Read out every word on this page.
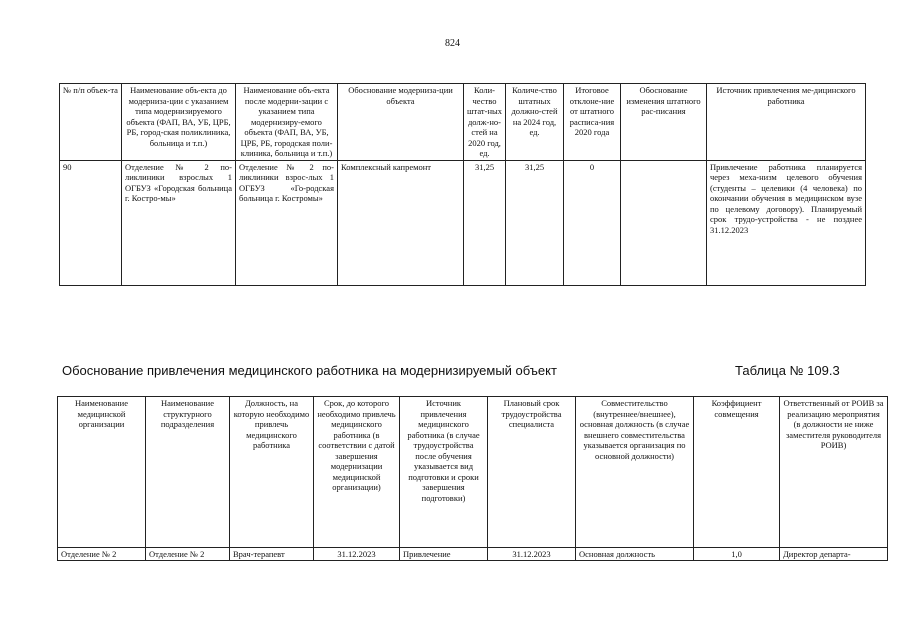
824
№ п/п объек-та	Наименование объ-екта до модерниза-ции с указанием типа модернизируемого объекта (ФАП, ВА, УБ, ЦРБ, РБ, город-ская поликлиника, больница и т.п.)	Наименование объ-екта после модерни-зации с указанием типа модернизиру-емого объекта (ФАП, ВА, УБ, ЦРБ, РБ, городская поли-клиника, больница и т.п.)	Обоснование модерниза-ции объекта	Коли-чество штат-ных долж-но-стей на 2020 год, ед.	Количе-ство штатных должно-стей на 2024 год, ед.	Итоговое отклоне-ние от штатного расписа-ния 2020 года	Обоснование изменения штатного рас-писания	Источник привлечения ме-дицинского работника
90	Отделение № 2 по-ликлиники взрослых 1 ОГБУЗ «Городская больница г. Костро-мы»	Отделение № 2 по-ликлиники взрос-лых 1 ОГБУЗ «Го-родская больница г. Костромы»	Комплексный капремонт	31,25	31,25	0		Привлечение работника планируется через меха-низм целевого обучения (студенты – целевики (4 человека) по окончании обучения в медицинском вузе по целевому договору). Планируемый срок трудо-устройства - не позднее 31.12.2023
Обоснование привлечения медицинского работника на модернизируемый объект	Таблица № 109.3
Наименование медицинской организации	Наименование структурного подразделения	Должность, на которую необходимо привлечь медицинского работника	Срок, до которого необходимо привлечь медицинского работника (в соответствии с датой завершения модернизации медицинской организации)	Источник привлечения медицинского работника (в случае трудоустройства после обучения указывается вид подготовки и сроки завершения подготовки)	Плановый срок трудоустройства специалиста	Совместительство (внутреннее/внешнее), основная должность (в случае внешнего совместительства указывается организация по основной должности)	Коэффициент совмещения	Ответственный от РОИВ за реализацию мероприятия (в должности не ниже заместителя руководителя РОИВ)
Отделение № 2	Отделение № 2	Врач-терапевт	31.12.2023	Привлечение	31.12.2023	Основная должность	1,0	Директор департа-
